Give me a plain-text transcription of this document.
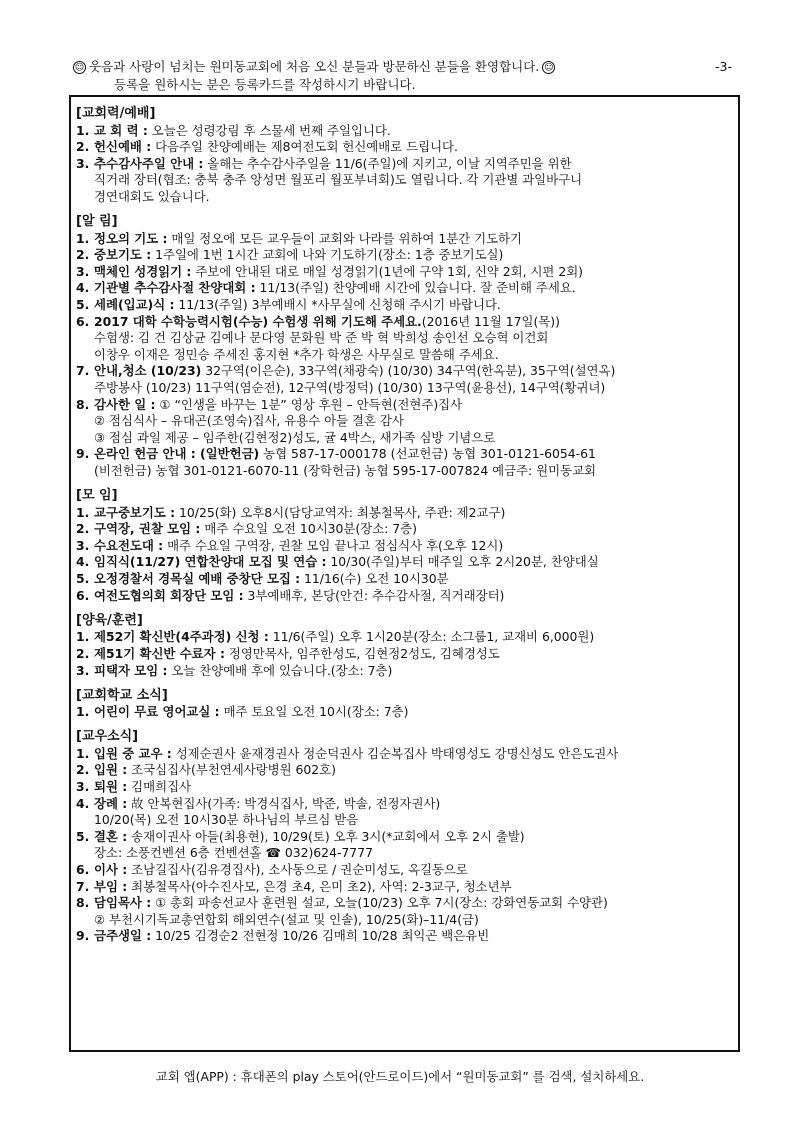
☺ 웃음과 사랑이 넘치는 원미동교회에 처음 오신 분들과 방문하신 분들을 환영합니다. ☺	-3-
등록을 원하시는 분은 등록카드를 작성하시기 바랍니다.
[교회력/예배]
1. 교 회 력 : 오늘은 성령강림 후 스물세 번째 주일입니다.
2. 헌신예배 : 다음주일 찬양예배는 제8여전도회 헌신예배로 드립니다.
3. 추수감사주일 안내 : 올해는 추수감사주일을 11/6(주일)에 지키고, 이날 지역주민을 위한
직거래 장터(협조: 충북 충주 앙성면 월포리 월포부녀회)도 열립니다. 각 기관별 과일바구니
경연대회도 있습니다.
[알 림]
1. 정오의 기도 : 매일 정오에 모든 교우들이 교회와 나라를 위하여 1분간 기도하기
2. 중보기도 : 1주일에 1번 1시간 교회에 나와 기도하기(장소: 1층 중보기도실)
3. 맥체인 성경읽기 : 주보에 안내된 대로 매일 성경읽기(1년에 구약 1회, 신약 2회, 시편 2회)
4. 기관별 추수감사절 찬양대회 : 11/13(주일) 찬양예배 시간에 있습니다. 잘 준비해 주세요.
5. 세례(입교)식 : 11/13(주일) 3부예배시 *사무실에 신청해 주시기 바랍니다.
6. 2017 대학 수학능력시험(수능) 수험생 위해 기도해 주세요.(2016년 11월 17일(목))
수험생: 김 건 김상균 김예나 문다영 문화원 박 준 박 혁 박희성 송인선 오승혁 이건회
이창우 이재은 정민승 주세진 홍지현 *추가 학생은 사무실로 말씀해 주세요.
7. 안내,청소 (10/23) 32구역(이은순), 33구역(채광숙) (10/30) 34구역(한옥분), 35구역(설연옥)
주방봉사 (10/23) 11구역(염순전), 12구역(방정덕) (10/30) 13구역(윤용선), 14구역(황귀녀)
8. 감사한 일 : ① “인생을 바꾸는 1분” 영상 후원 – 안득현(전현주)집사
② 점심식사 – 유대곤(조영숙)집사, 유용수 아들 결혼 감사
③ 점심 과일 제공 – 임주한(김현정2)성도, 귤 4박스, 새가족 심방 기념으로
9. 온라인 헌금 안내 : (일반헌금) 농협 587-17-000178 (선교헌금) 농협 301-0121-6054-61
(비전헌금) 농협 301-0121-6070-11 (장학헌금) 농협 595-17-007824 예금주: 원미동교회
[모 임]
1. 교구중보기도 : 10/25(화) 오후8시(담당교역자: 최봉철목사, 주관: 제2교구)
2. 구역장, 권찰 모임 : 매주 수요일 오전 10시30분(장소: 7층)
3. 수요전도대 : 매주 수요일 구역장, 권찰 모임 끝나고 점심식사 후(오후 12시)
4. 임직식(11/27) 연합찬양대 모집 및 연습 : 10/30(주일)부터 매주일 오후 2시20분, 찬양대실
5. 오정경찰서 경목실 예배 중창단 모집 : 11/16(수) 오전 10시30분
6. 여전도협의회 회장단 모임 : 3부예배후, 본당(안건: 추수감사절, 직거래장터)
[양육/훈련]
1. 제52기 확신반(4주과정) 신청 : 11/6(주일) 오후 1시20분(장소: 소그룹1, 교재비 6,000원)
2. 제51기 확신반 수료자 : 정영만목사, 임주한성도, 김현정2성도, 김혜경성도
3. 피택자 모임 : 오늘 찬양예배 후에 있습니다.(장소: 7층)
[교회학교 소식]
1. 어린이 무료 영어교실 : 매주 토요일 오전 10시(장소: 7층)
[교우소식]
1. 입원 중 교우 : 성제순권사 윤재경권사 정순덕권사 김순복집사 박태영성도 강명신성도 안은도권사
2. 입원 : 조국심집사(부천연세사랑병원 602호)
3. 퇴원 : 김매희집사
4. 장례 : 故 안복현집사(가족: 박경식집사, 박준, 박솔, 전정자권사)
10/20(목) 오전 10시30분 하나님의 부르심 받음
5. 결혼 : 송재이권사 아들(최용현), 10/29(토) 오후 3시(*교회에서 오후 2시 출발)
장소: 소풍컨벤션 6층 컨벤션홀 ☎ 032)624-7777
6. 이사 : 조남길집사(김유경집사), 소사동으로 / 권순미성도, 옥길동으로
7. 부임 : 최봉철목사(아수진사모, 은경 초4, 은미 초2), 사역: 2-3교구, 청소년부
8. 담임목사 : ① 총회 파송선교사 훈련원 설교, 오늘(10/23) 오후 7시(장소: 강화연동교회 수양관)
② 부천시기독교총연합회 해외연수(설교 및 인솔), 10/25(화)–11/4(금)
9. 금주생일 : 10/25 김경순2 전현정 10/26 김매희 10/28 최익곤 백은유빈
교회 앱(APP) : 휴대폰의 play 스토어(안드로이드)에서 “원미동교회” 를 검색, 설치하세요.
